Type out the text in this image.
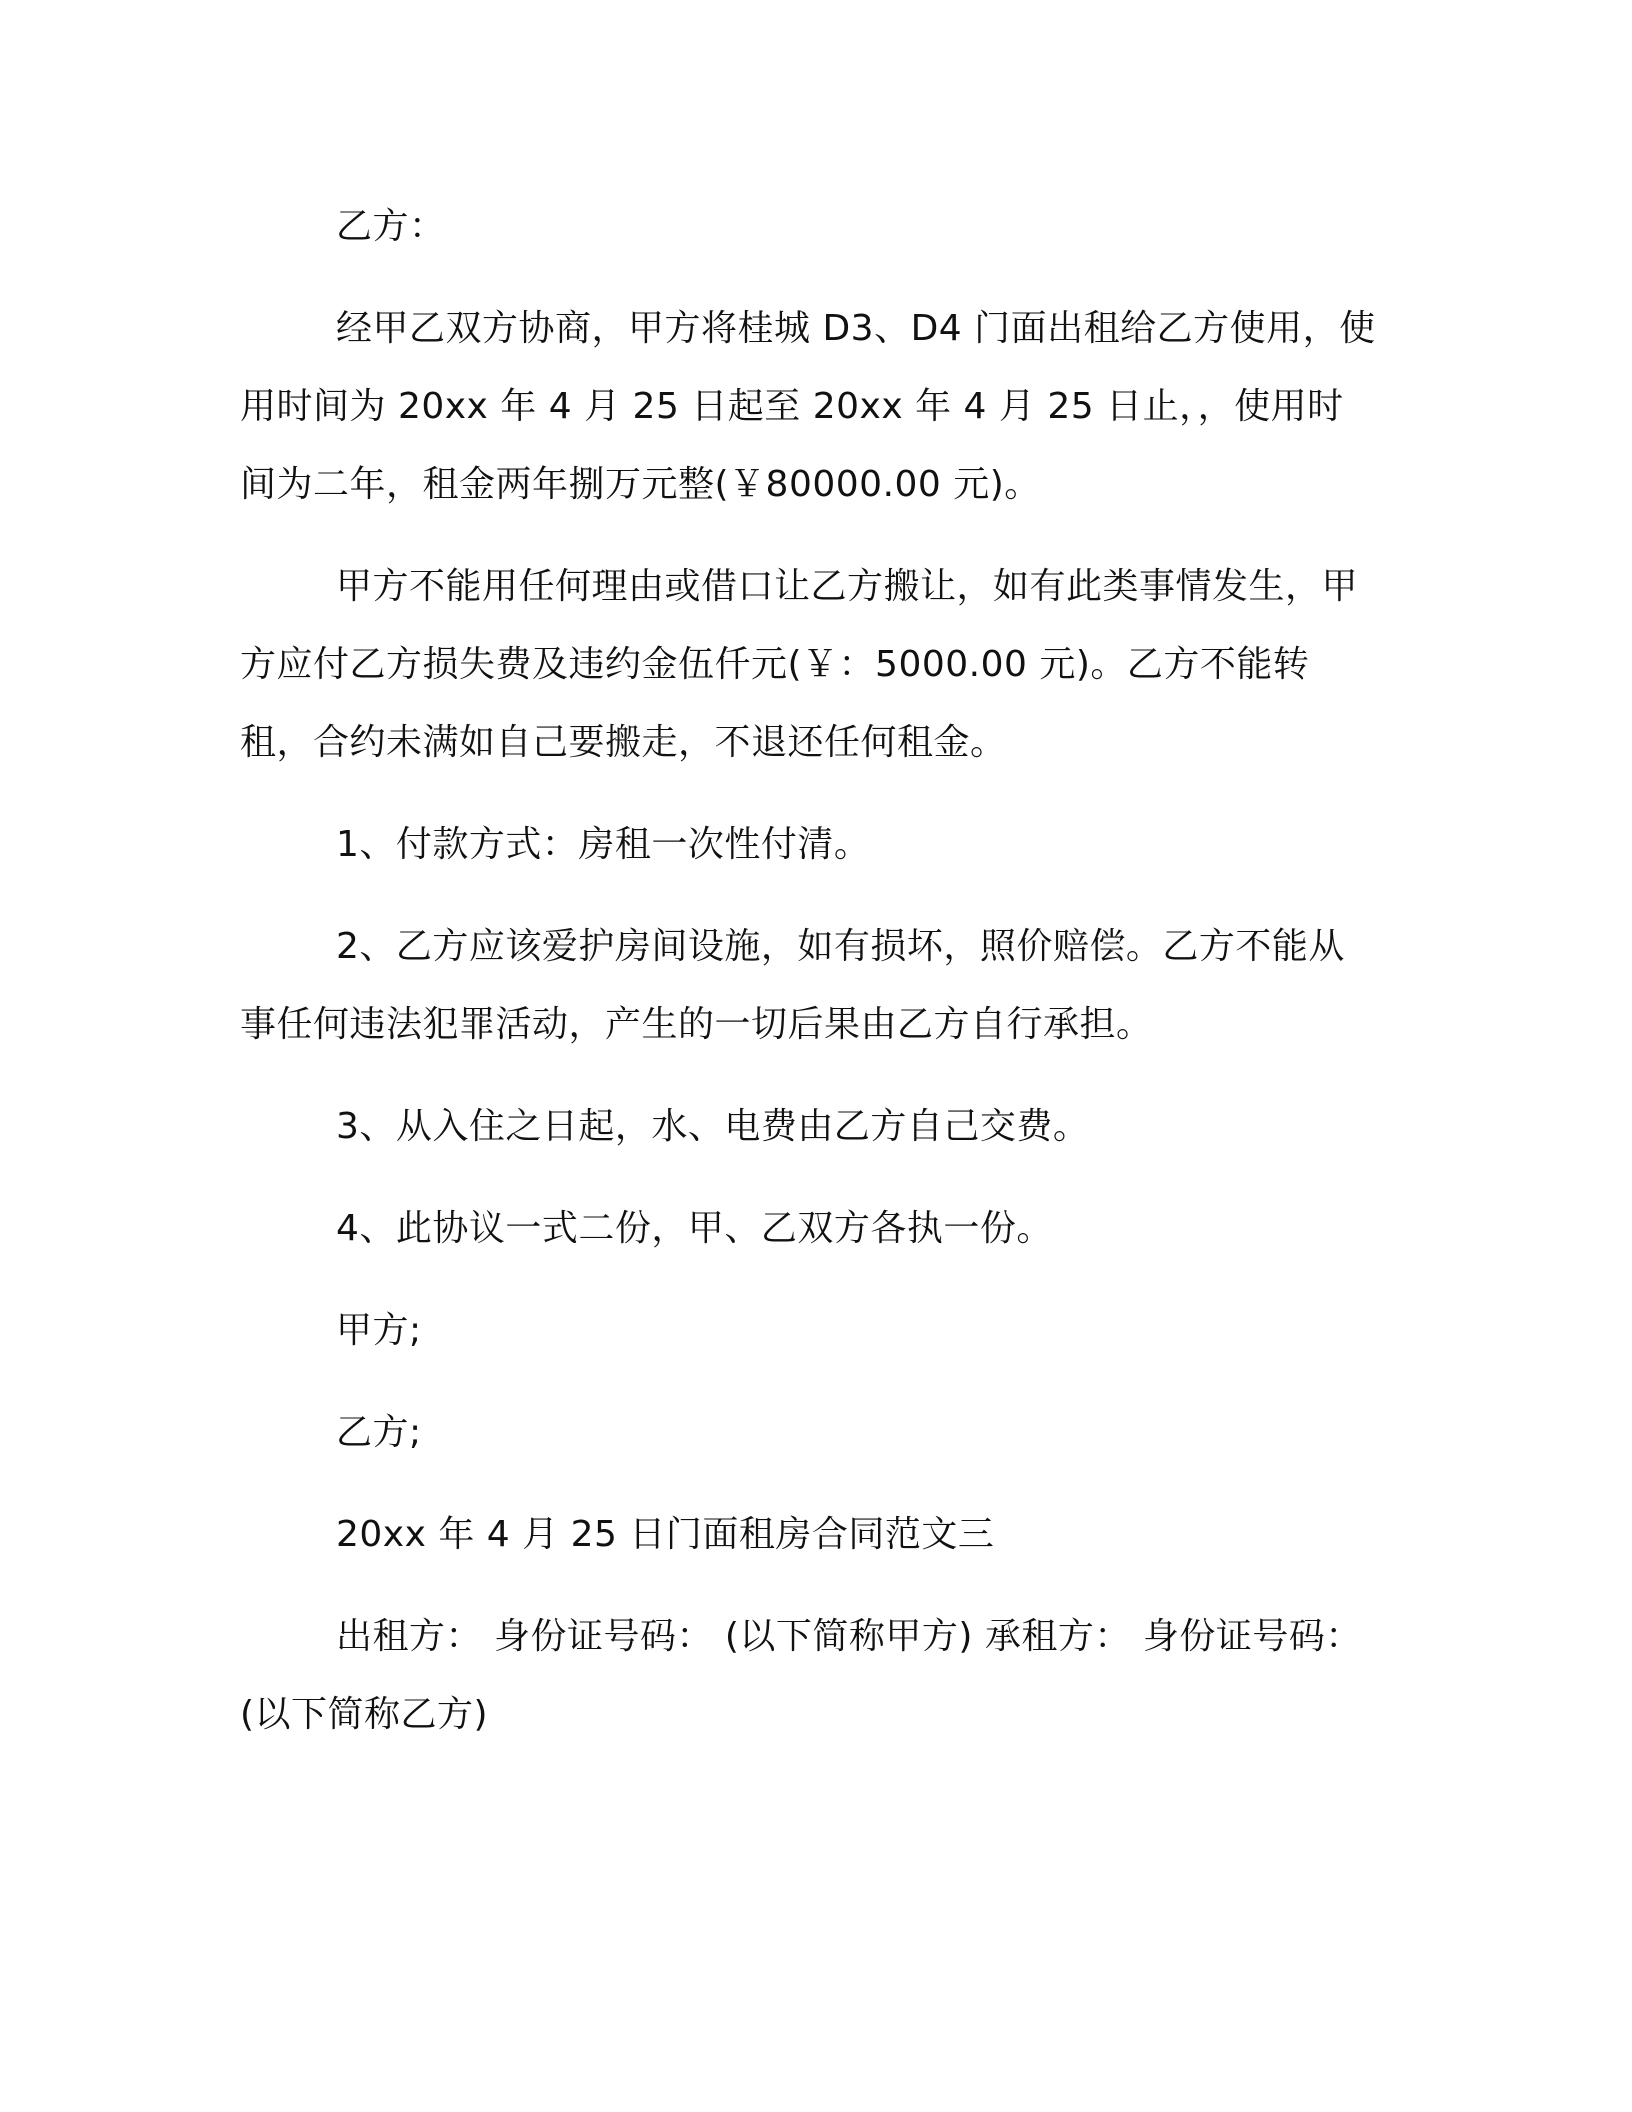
乙方：

经甲乙双方协商，甲方将桂城 D3、D4 门面出租给乙方使用，使用时间为 20xx 年 4 月 25 日起至 20xx 年 4 月 25 日止，，使用时间为二年，租金两年捌万元整(￥80000.00 元)。

甲方不能用任何理由或借口让乙方搬让，如有此类事情发生，甲方应付乙方损失费及违约金伍仟元(￥：5000.00 元)。乙方不能转租，合约未满如自己要搬走，不退还任何租金。

1、付款方式：房租一次性付清。

2、乙方应该爱护房间设施，如有损坏，照价赔偿。乙方不能从事任何违法犯罪活动，产生的一切后果由乙方自行承担。

3、从入住之日起，水、电费由乙方自己交费。

4、此协议一式二份，甲、乙双方各执一份。

甲方;

乙方;

20xx 年 4 月 25 日门面租房合同范文三

出租方： 身份证号码： (以下简称甲方) 承租方： 身份证号码：(以下简称乙方)
